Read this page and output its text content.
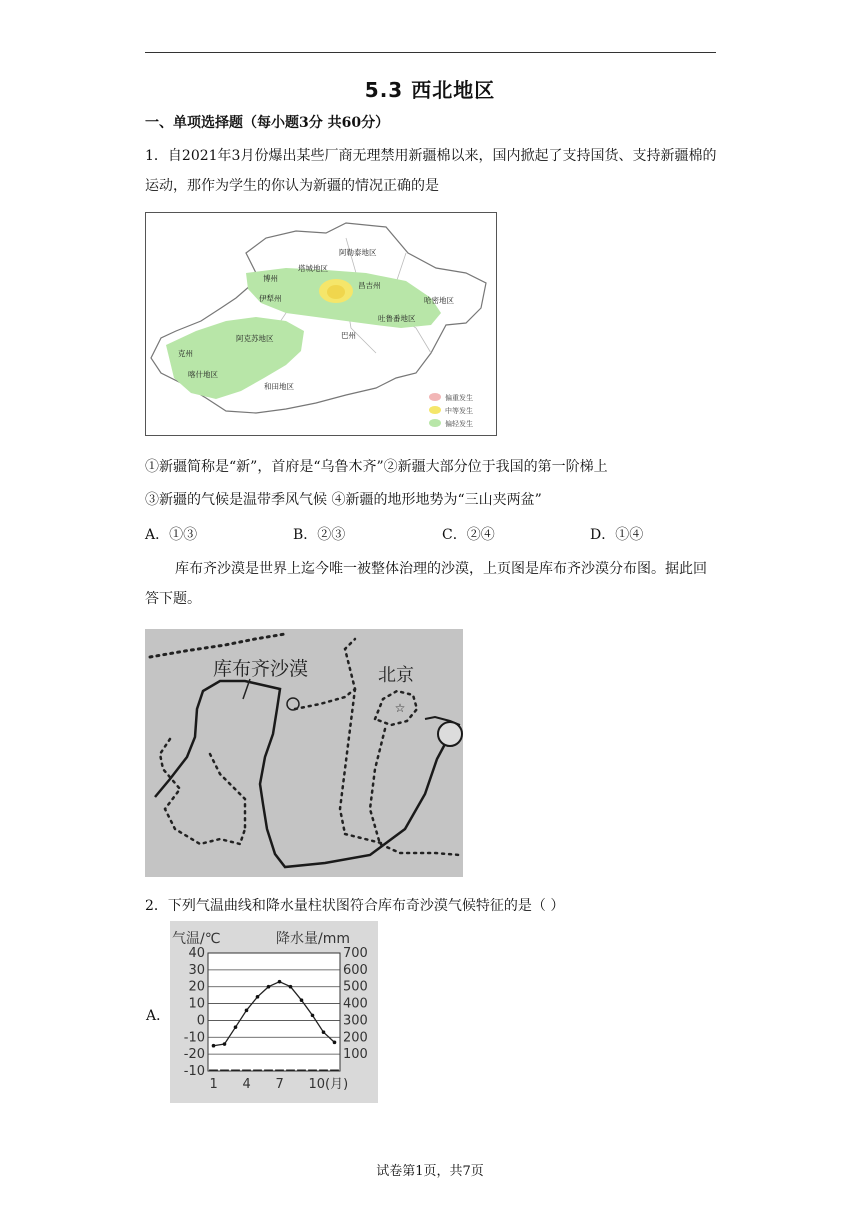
5.3 西北地区
一、单项选择题（每小题3分 共60分）
1．自2021年3月份爆出某些厂商无理禁用新疆棉以来，国内掀起了支持国货、支持新疆棉的运动，那作为学生的你认为新疆的情况正确的是
阿勒泰地区
塔城地区
博州
昌吉州
伊犁州	哈密地区
吐鲁番地区
巴州
阿克苏地区
克州
喀什地区
和田地区
偏重发生
中等发生
偏轻发生
①新疆简称是“新”，首府是“乌鲁木齐”②新疆大部分位于我国的第一阶梯上
③新疆的气候是温带季风气候 ④新疆的地形地势为“三山夹两盆”
A．①③	B．②③	C．②④	D．①④
库布齐沙漠是世界上迄今唯一被整体治理的沙漠，上页图是库布齐沙漠分布图。据此回答下题。
☆
库布齐沙漠	北京
2．下列气温曲线和降水量柱状图符合库布奇沙漠气候特征的是（ ）
A．
气温/℃	降水量/mm
40
30
20
10
0
-10
-20
-10
700
600
500
400
300
200
100
1 4 7 10(月)
试卷第1页，共7页
